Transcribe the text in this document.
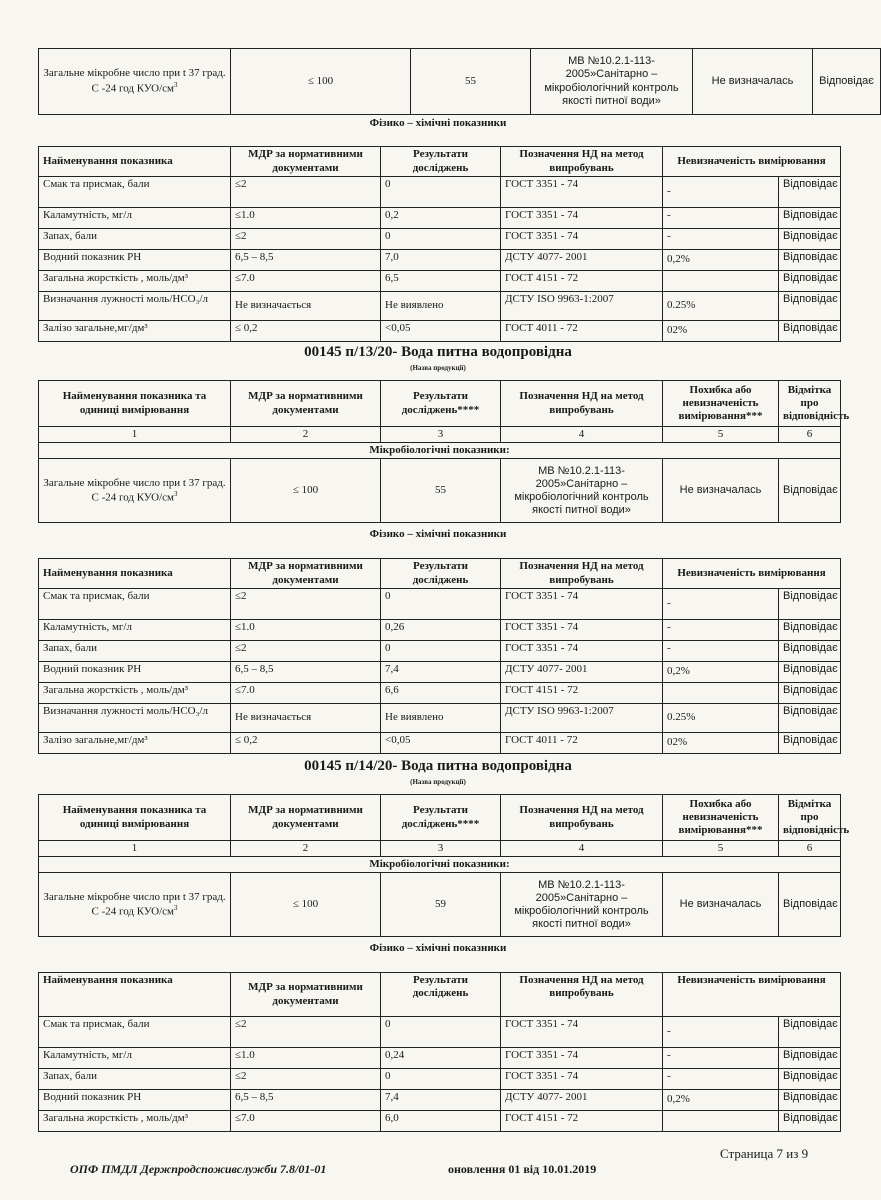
Загальне мікробне число при t 37 град. С -24 год КУО/$см^3$	≤ 100	55	МВ №10.2.1-113-2005»Санітарно – мікробіологічний контроль якості питної води»	Не визначалась	Відповідає
Фізико – хімічні показники
Найменування показника	МДР за нормативними документами	Результати досліджень	Позначення НД на метод випробувань	Невизначеність вимірювання	
Смак та присмак, бали	≤2	0	ГОСТ 3351 - 74	-	Відповідає
Каламутність, мг/л	≤1.0	0,2	ГОСТ 3351 - 74	-	Відповідає
Запах, бали	≤2	0	ГОСТ 3351 - 74	-	Відповідає
Водний показник РН	6,5 – 8,5	7,0	ДСТУ 4077- 2001	0,2%	Відповідає
Загальна жорсткість , моль/дм³	≤7.0	6,5	ГОСТ 4151 - 72		Відповідає
Визначання лужності моль/НСО₃/л	Не визначається	Не виявлено	ДСТУ ISO 9963-1:2007	0.25%	Відповідає
Залізо загальне,мг/дм³	≤ 0,2	<0,05	ГОСТ 4011 - 72	02%	Відповідає
00145 п/13/20- Вода питна водопровідна
(Назва продукції)
Найменування показника та одиниці вимірювання	МДР за нормативними документами	Результати досліджень****	Позначення НД на метод випробувань	Похибка або невизначеність вимірювання***	Відмітка про відповідність
1	2	3	4	5	6
Мікробіологічні показники:					
Загальне мікробне число при t 37 град. С -24 год КУО/$см^3$	≤ 100	55	МВ №10.2.1-113-2005»Санітарно – мікробіологічний контроль якості питної води»	Не визначалась	Відповідає
Фізико – хімічні показники
Найменування показника	МДР за нормативними документами	Результати досліджень	Позначення НД на метод випробувань	Невизначеність вимірювання	
Смак та присмак, бали	≤2	0	ГОСТ 3351 - 74	-	Відповідає
Каламутність, мг/л	≤1.0	0,26	ГОСТ 3351 - 74	-	Відповідає
Запах, бали	≤2	0	ГОСТ 3351 - 74	-	Відповідає
Водний показник РН	6,5 – 8,5	7,4	ДСТУ 4077- 2001	0,2%	Відповідає
Загальна жорсткість , моль/дм³	≤7.0	6,6	ГОСТ 4151 - 72		Відповідає
Визначання лужності моль/НСО₃/л	Не визначається	Не виявлено	ДСТУ ISO 9963-1:2007	0.25%	Відповідає
Залізо загальне,мг/дм³	≤ 0,2	<0,05	ГОСТ 4011 - 72	02%	Відповідає
00145 п/14/20- Вода питна водопровідна
(Назва продукції)
Найменування показника та одиниці вимірювання	МДР за нормативними документами	Результати досліджень****	Позначення НД на метод випробувань	Похибка або невизначеність вимірювання***	Відмітка про відповідність
1	2	3	4	5	6
Мікробіологічні показники:					
Загальне мікробне число при t 37 град. С -24 год КУО/$см^3$	≤ 100	59	МВ №10.2.1-113-2005»Санітарно – мікробіологічний контроль якості питної води»	Не визначалась	Відповідає
Фізико – хімічні показники
Найменування показника	МДР за нормативними документами	Результати досліджень	Позначення НД на метод випробувань	Невизначеність вимірювання	
Смак та присмак, бали	≤2	0	ГОСТ 3351 - 74	-	Відповідає
Каламутність, мг/л	≤1.0	0,24	ГОСТ 3351 - 74	-	Відповідає
Запах, бали	≤2	0	ГОСТ 3351 - 74	-	Відповідає
Водний показник РН	6,5 – 8,5	7,4	ДСТУ 4077- 2001	0,2%	Відповідає
Загальна жорсткість , моль/дм³	≤7.0	6,0	ГОСТ 4151 - 72		Відповідає
Страница 7 из 9
ОПФ ПМДЛ Держпродспоживслужби 7.8/01-01	оновлення 01 від 10.01.2019
